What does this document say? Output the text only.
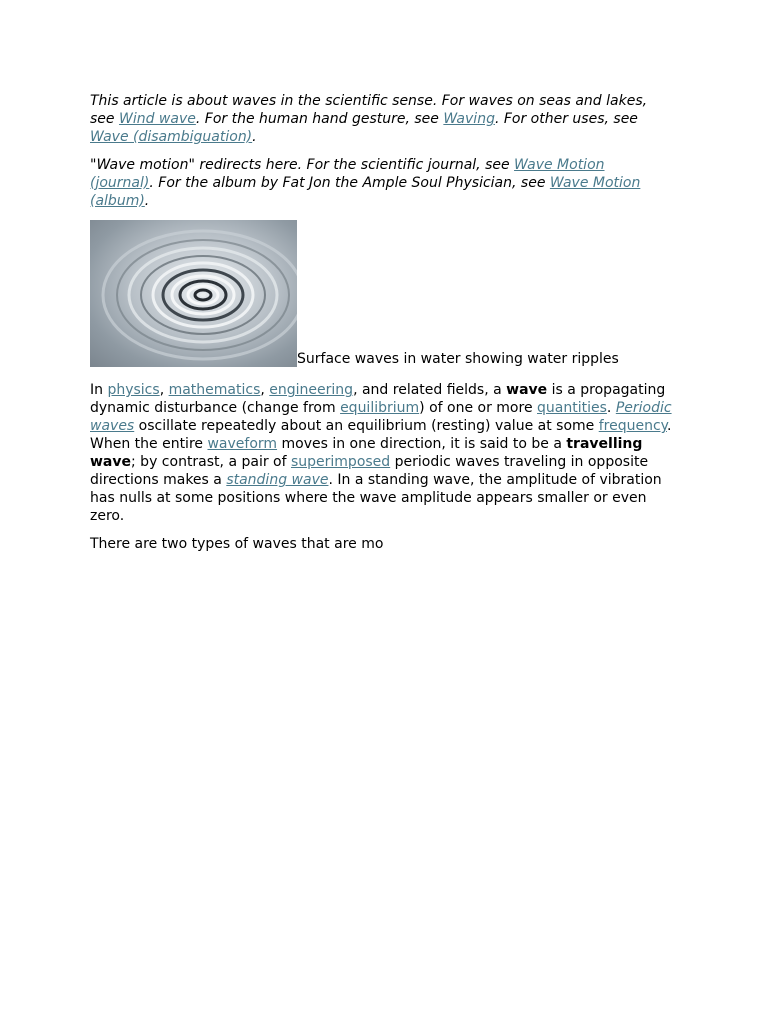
This article is about waves in the scientific sense. For waves on seas and lakes, see Wind wave. For the human hand gesture, see Waving. For other uses, see Wave (disambiguation).

"Wave motion" redirects here. For the scientific journal, see Wave Motion (journal). For the album by Fat Jon the Ample Soul Physician, see Wave Motion (album).

Surface waves in water showing water ripples

In physics, mathematics, engineering, and related fields, a wave is a propagating dynamic disturbance (change from equilibrium) of one or more quantities. Periodic waves oscillate repeatedly about an equilibrium (resting) value at some frequency. When the entire waveform moves in one direction, it is said to be a travelling wave; by contrast, a pair of superimposed periodic waves traveling in opposite directions makes a standing wave. In a standing wave, the amplitude of vibration has nulls at some positions where the wave amplitude appears smaller or even zero.

There are two types of waves that are mo
